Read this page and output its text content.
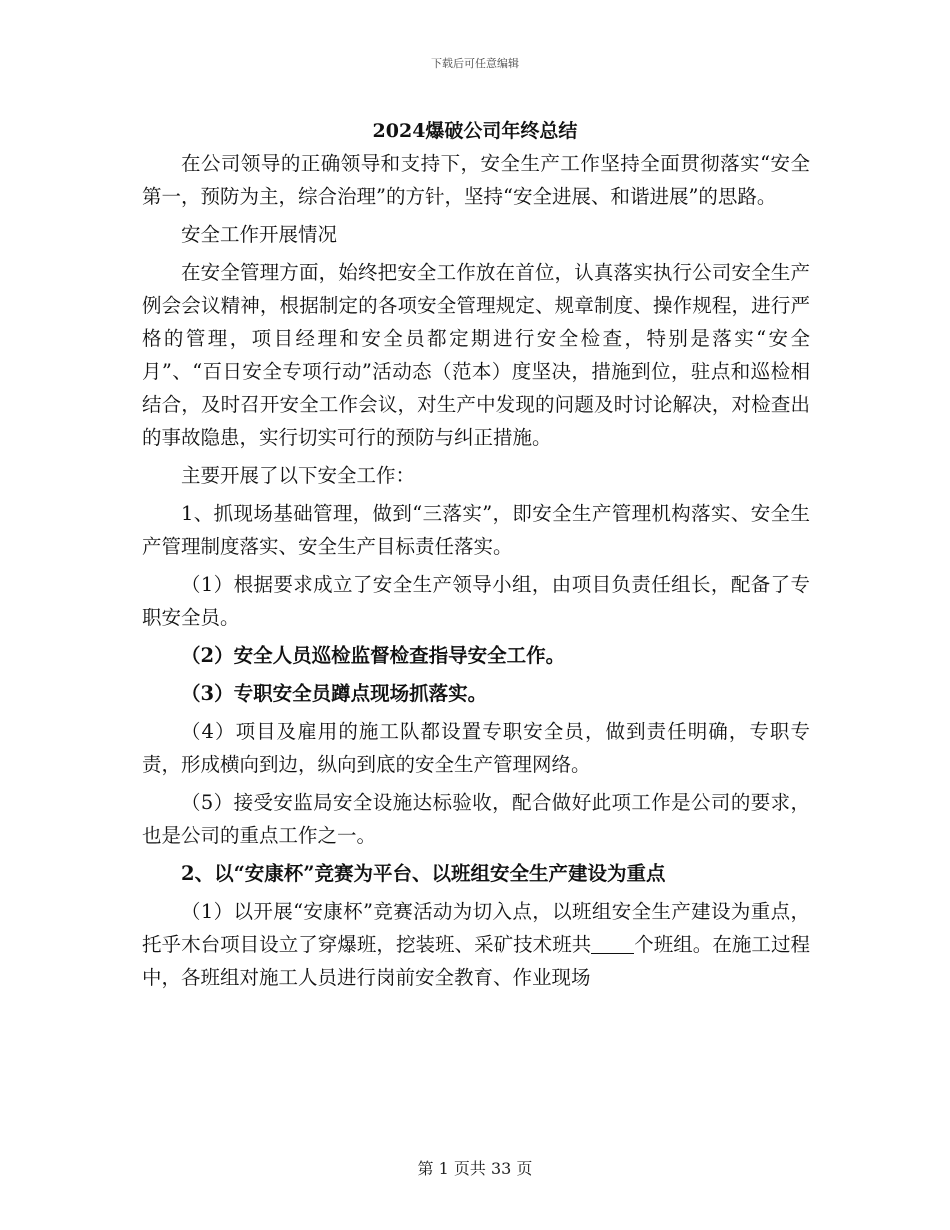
下载后可任意编辑
2024爆破公司年终总结

在公司领导的正确领导和支持下，安全生产工作坚持全面贯彻落实“安全第一，预防为主，综合治理”的方针，坚持“安全进展、和谐进展”的思路。

安全工作开展情况

在安全管理方面，始终把安全工作放在首位，认真落实执行公司安全生产例会会议精神，根据制定的各项安全管理规定、规章制度、操作规程，进行严格的管理，项目经理和安全员都定期进行安全检查，特别是落实“安全月”、“百日安全专项行动”活动态（范本）度坚决，措施到位，驻点和巡检相结合，及时召开安全工作会议，对生产中发现的问题及时讨论解决，对检查出的事故隐患，实行切实可行的预防与纠正措施。

主要开展了以下安全工作：

1、抓现场基础管理，做到“三落实”，即安全生产管理机构落实、安全生产管理制度落实、安全生产目标责任落实。

（1）根据要求成立了安全生产领导小组，由项目负责任组长，配备了专职安全员。

（2）安全人员巡检监督检查指导安全工作。

（3）专职安全员蹲点现场抓落实。

（4）项目及雇用的施工队都设置专职安全员，做到责任明确，专职专责，形成横向到边，纵向到底的安全生产管理网络。

（5）接受安监局安全设施达标验收，配合做好此项工作是公司的要求，也是公司的重点工作之一。

2、以“安康杯”竞赛为平台、以班组安全生产建设为重点

（1）以开展“安康杯”竞赛活动为切入点，以班组安全生产建设为重点，托乎木台项目设立了穿爆班，挖装班、采矿技术班共 个班组。在施工过程中，各班组对施工人员进行岗前安全教育、作业现场

第 1 页共 33 页
